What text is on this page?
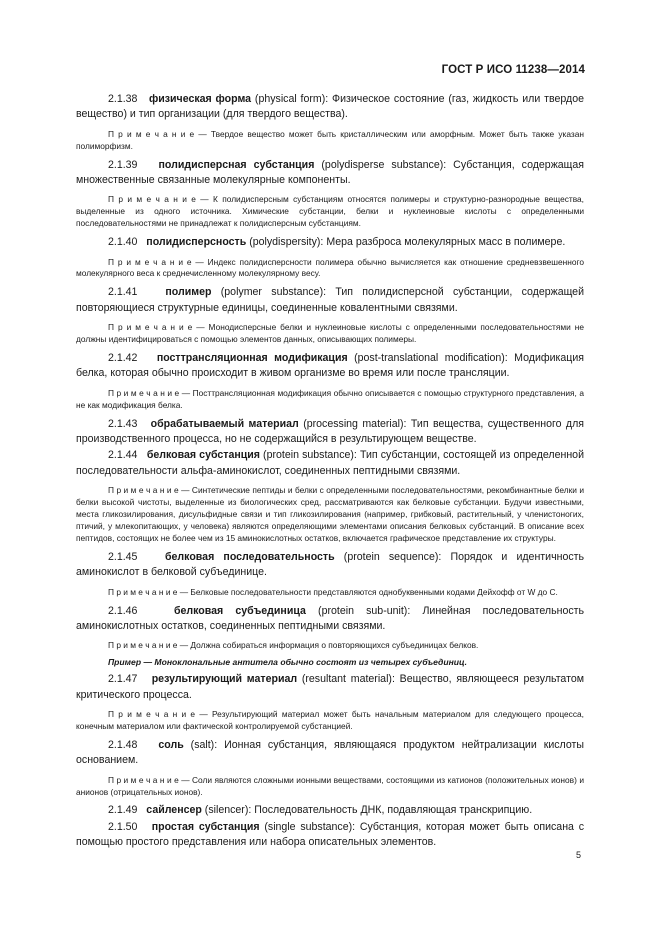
ГОСТ Р ИСО 11238—2014

2.1.38   физическая форма (physical form): Физическое состояние (газ, жидкость или твердое вещество) и тип организации (для твердого вещества).

П р и м е ч а н и е — Твердое вещество может быть кристаллическим или аморфным. Может быть также указан полиморфизм.

2.1.39   полидисперсная субстанция (polydisperse substance): Субстанция, содержащая множественные связанные молекулярные компоненты.

П р и м е ч а н и е — К полидисперсным субстанциям относятся полимеры и структурно-разнородные вещества, выделенные из одного источника. Химические субстанции, белки и нуклеиновые кислоты с определенными последовательностями не принадлежат к полидисперсным субстанциям.

2.1.40   полидисперсность (polydispersity): Мера разброса молекулярных масс в полимере.

П р и м е ч а н и е — Индекс полидисперсности полимера обычно вычисляется как отношение средневзвешенного молекулярного веса к среднечисленному молекулярному весу.

2.1.41   полимер (polymer substance): Тип полидисперсной субстанции, содержащей повторяющиеся структурные единицы, соединенные ковалентными связями.

П р и м е ч а н и е — Монодисперсные белки и нуклеиновые кислоты с определенными последовательностями не должны идентифицироваться с помощью элементов данных, описывающих полимеры.

2.1.42   посттрансляционная модификация (post-translational modification): Модификация белка, которая обычно происходит в живом организме во время или после трансляции.

П р и м е ч а н и е — Посттрансляционная модификация обычно описывается с помощью структурного представления, а не как модификация белка.

2.1.43   обрабатываемый материал (processing material): Тип вещества, существенного для производственного процесса, но не содержащийся в результирующем веществе.

2.1.44   белковая субстанция (protein substance): Тип субстанции, состоящей из определенной последовательности альфа-аминокислот, соединенных пептидными связями.

П р и м е ч а н и е — Синтетические пептиды и белки с определенными последовательностями, рекомбинантные белки и белки высокой чистоты, выделенные из биологических сред, рассматриваются как белковые субстанции. Будучи известными, места гликозилирования, дисульфидные связи и тип гликозилирования (например, грибковый, растительный, у членистоногих, птичий, у млекопитающих, у человека) являются определяющими элементами описания белковых субстанций. В описание всех пептидов, состоящих не более чем из 15 аминокислотных остатков, включается графическое представление их структуры.

2.1.45   белковая последовательность (protein sequence): Порядок и идентичность аминокислот в белковой субъединице.

П р и м е ч а н и е — Белковые последовательности представляются однобуквенными кодами Дейхофф от W до C.

2.1.46   белковая субъединица (protein sub-unit): Линейная последовательность аминокислотных остатков, соединенных пептидными связями.

П р и м е ч а н и е — Должна собираться информация о повторяющихся субъединицах белков.

Пример — Моноклональные антитела обычно состоят из четырех субъединиц.

2.1.47   результирующий материал (resultant material): Вещество, являющееся результатом критического процесса.

П р и м е ч а н и е — Результирующий материал может быть начальным материалом для следующего процесса, конечным материалом или фактической контролируемой субстанцией.

2.1.48   соль (salt): Ионная субстанция, являющаяся продуктом нейтрализации кислоты основанием.

П р и м е ч а н и е — Соли являются сложными ионными веществами, состоящими из катионов (положительных ионов) и анионов (отрицательных ионов).

2.1.49   сайленсер (silencer): Последовательность ДНК, подавляющая транскрипцию.

2.1.50   простая субстанция (single substance): Субстанция, которая может быть описана с помощью простого представления или набора описательных элементов.

5
